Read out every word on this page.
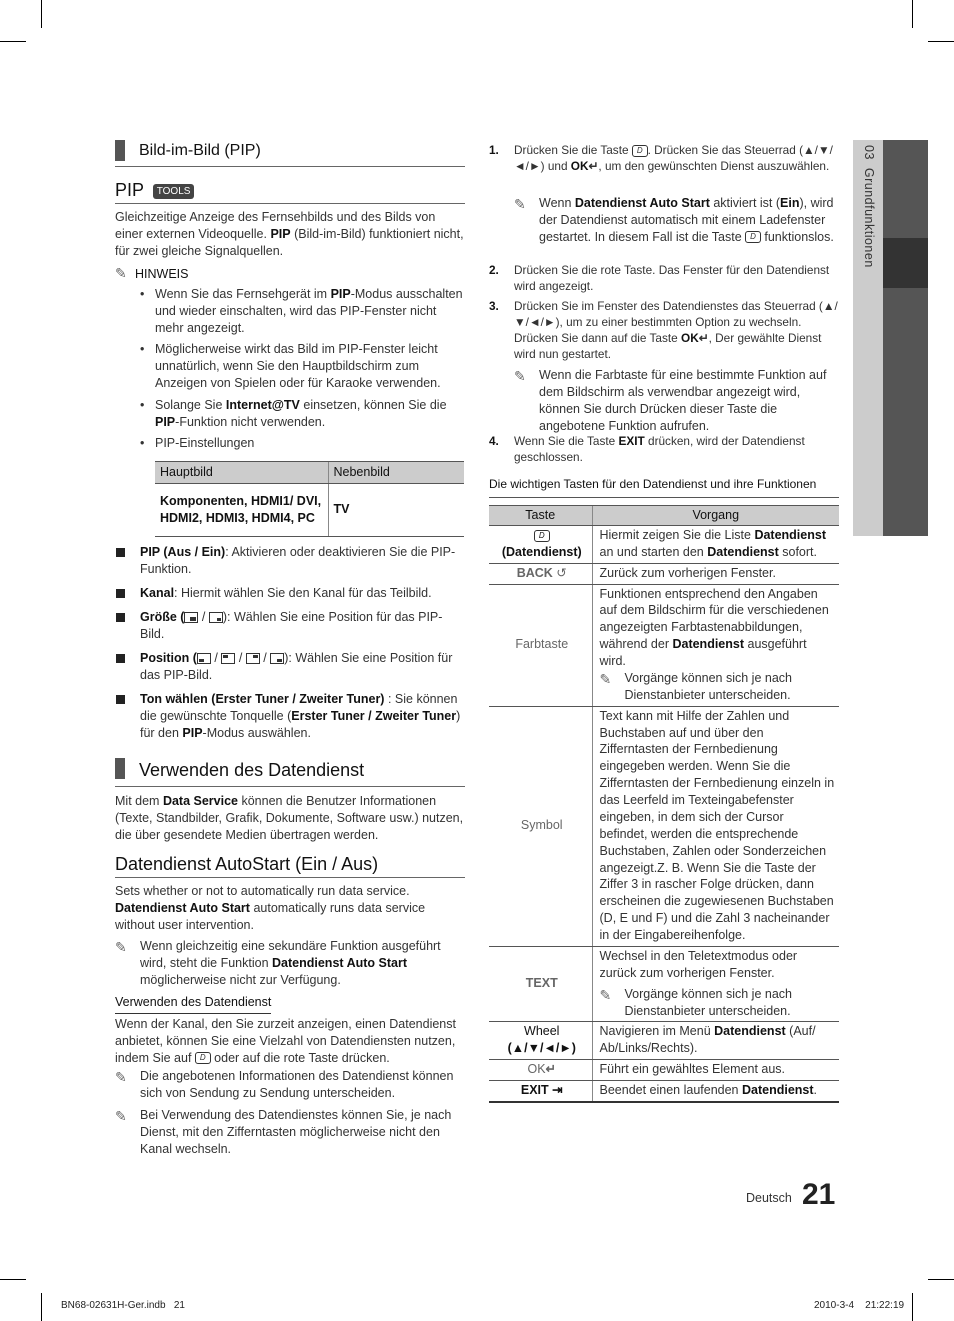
03  Grundfunktionen
Bild-im-Bild (PIP)
PIP TOOLS
Gleichzeitige Anzeige des Fernsehbilds und des Bilds von einer externen Videoquelle. PIP (Bild-im-Bild) funktioniert nicht, für zwei gleiche Signalquellen.
✎ HINWEIS
• Wenn Sie das Fernsehgerät im PIP-Modus ausschalten und wieder einschalten, wird das PIP-Fenster nicht mehr angezeigt.
• Möglicherweise wirkt das Bild im PIP-Fenster leicht unnatürlich, wenn Sie den Hauptbildschirm zum Anzeigen von Spielen oder für Karaoke verwenden.
• Solange Sie Internet@TV einsetzen, können Sie die PIP-Funktion nicht verwenden.
• PIP-Einstellungen
Hauptbild	Nebenbild
Komponenten, HDMI1/ DVI, HDMI2, HDMI3, HDMI4, PC	TV
PIP (Aus / Ein): Aktivieren oder deaktivieren Sie die PIP-Funktion.
Kanal: Hiermit wählen Sie den Kanal für das Teilbild.
Größe (
/
): Wählen Sie eine Position für das PIP-Bild.
Position (
/
/
/
): Wählen Sie eine Position für das PIP-Bild.
Ton wählen (Erster Tuner / Zweiter Tuner) : Sie können die gewünschte Tonquelle (Erster Tuner / Zweiter Tuner) für den PIP-Modus auswählen.
Verwenden des Datendienst
Mit dem Data Service können die Benutzer Informationen (Texte, Standbilder, Grafik, Dokumente, Software usw.) nutzen, die über gesendete Medien übertragen werden.
Datendienst AutoStart (Ein / Aus)
Sets whether or not to automatically run data service.
Datendienst Auto Start automatically runs data service without user intervention.
✎	Wenn gleichzeitig eine sekundäre Funktion ausgeführt wird, steht die Funktion Datendienst Auto Start möglicherweise nicht zur Verfügung.
Verwenden des Datendienst
Wenn der Kanal, den Sie zurzeit anzeigen, einen Datendienst anbietet, können Sie eine Vielzahl von Datendiensten nutzen, indem Sie auf D oder auf die rote Taste drücken.
✎	Die angebotenen Informationen des Datendienst können sich von Sendung zu Sendung unterscheiden.
✎	Bei Verwendung des Datendienstes können Sie, je nach Dienst, mit den Zifferntasten möglicherweise nicht den Kanal wechseln.
1. Drücken Sie die Taste D . Drücken Sie das Steuerrad (▲/▼/◄/►) und OK↵, um den gewünschten Dienst auszuwählen.
✎	Wenn Datendienst Auto Start aktiviert ist (Ein), wird der Datendienst automatisch mit einem Ladefenster gestartet. In diesem Fall ist die Taste D funktionslos.
2. Drücken Sie die rote Taste. Das Fenster für den Datendienst wird angezeigt.
3. Drücken Sie im Fenster des Datendienstes das Steuerrad (▲/▼/◄/►), um zu einer bestimmten Option zu wechseln. Drücken Sie dann auf die Taste OK↵, Der gewählte Dienst wird nun gestartet.
✎	Wenn die Farbtaste für eine bestimmte Funktion auf dem Bildschirm als verwendbar angezeigt wird, können Sie durch Drücken dieser Taste die angebotene Funktion aufrufen.
4. Wenn Sie die Taste EXIT drücken, wird der Datendienst geschlossen.
Die wichtigen Tasten für den Datendienst und ihre Funktionen
Taste	Vorgang
D
(Datendienst)	Hiermit zeigen Sie die Liste Datendienst an und starten den Datendienst sofort.
BACK ↺	Zurück zum vorherigen Fenster.
Farbtaste	Funktionen entsprechend den Angaben auf dem Bildschirm für die verschiedenen angezeigten Farbtastenabbildungen, während der Datendienst ausgeführt wird.
✎ Vorgänge können sich je nach Dienstanbieter unterscheiden.

Symbol	Text kann mit Hilfe der Zahlen und Buchstaben auf und über den Zifferntasten der Fernbedienung eingegeben werden. Wenn Sie die Zifferntasten der Fernbedienung einzeln in das Leerfeld im Texteingabefenster eingeben, in dem sich der Cursor befindet, werden die entsprechende Buchstaben, Zahlen oder Sonderzeichen angezeigt.Z. B. Wenn Sie die Taste der Ziffer 3 in rascher Folge drücken, dann erscheinen die zugewiesenen Buchstaben (D, E und F) und die Zahl 3 nacheinander in der Eingabereihenfolge.
TEXT	Wechsel in den Teletextmodus oder zurück zum vorherigen Fenster.
✎ Vorgänge können sich je nach Dienstanbieter unterscheiden.

Wheel
(▲/▼/◄/►)	Navigieren im Menü Datendienst (Auf/ Ab/Links/Rechts).
OK↵	Führt ein gewähltes Element aus.
EXIT ⇥	Beendet einen laufenden Datendienst.
Deutsch 21
BN68-02631H-Ger.indb   21	2010-3-4    21:22:19
